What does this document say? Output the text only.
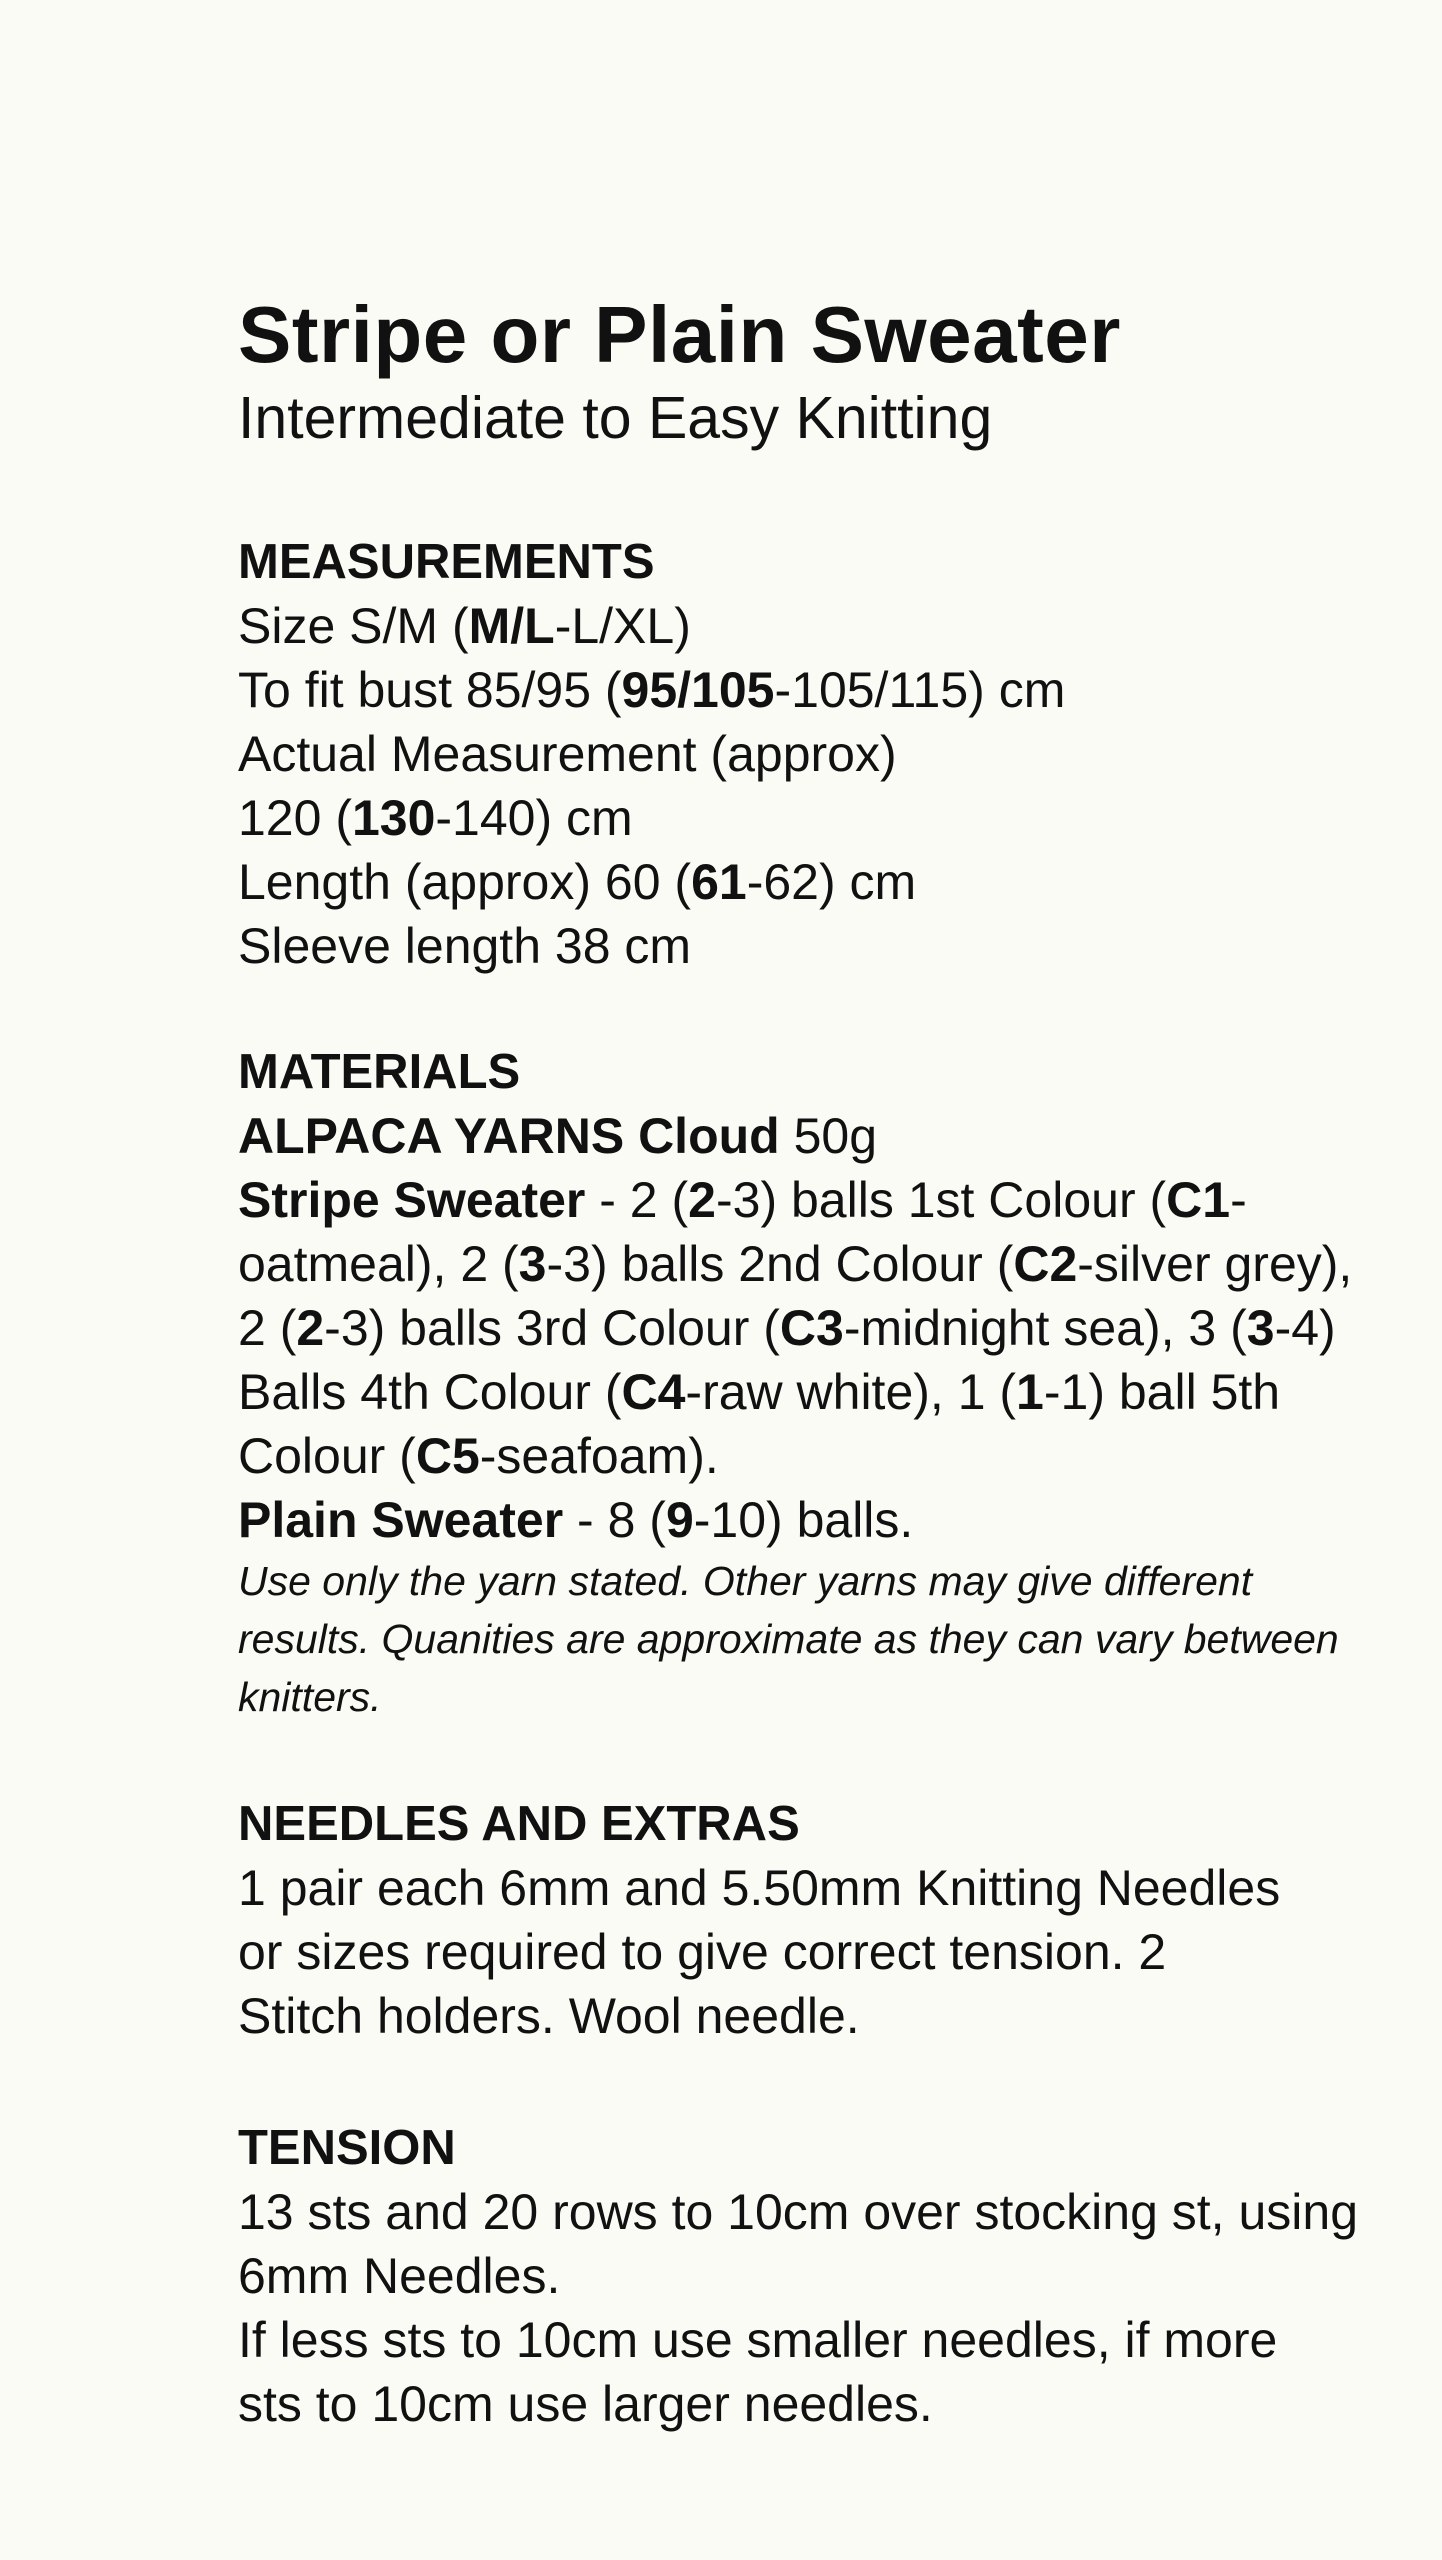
Stripe or Plain Sweater

Intermediate to Easy Knitting

MEASUREMENTS

Size S/M (M/L-L/XL)

To fit bust 85/95 (95/105-105/115) cm

Actual Measurement (approx)

120 (130-140) cm

Length (approx) 60 (61-62) cm

Sleeve length 38 cm

MATERIALS

ALPACA YARNS Cloud 50g

Stripe Sweater - 2 (2-3) balls 1st Colour (C1-oatmeal), 2 (3-3) balls 2nd Colour (C2-silver grey), 2 (2-3) balls 3rd Colour (C3-midnight sea), 3 (3-4) Balls 4th Colour (C4-raw white), 1 (1-1) ball 5th Colour (C5-seafoam).

Plain Sweater - 8 (9-10) balls.

Use only the yarn stated. Other yarns may give different results. Quanities are approximate as they can vary between knitters.

NEEDLES AND EXTRAS

1 pair each 6mm and 5.50mm Knitting Needles or sizes required to give correct tension. 2 Stitch holders. Wool needle.

TENSION

13 sts and 20 rows to 10cm over stocking st, using 6mm Needles.

If less sts to 10cm use smaller needles, if more sts to 10cm use larger needles.
